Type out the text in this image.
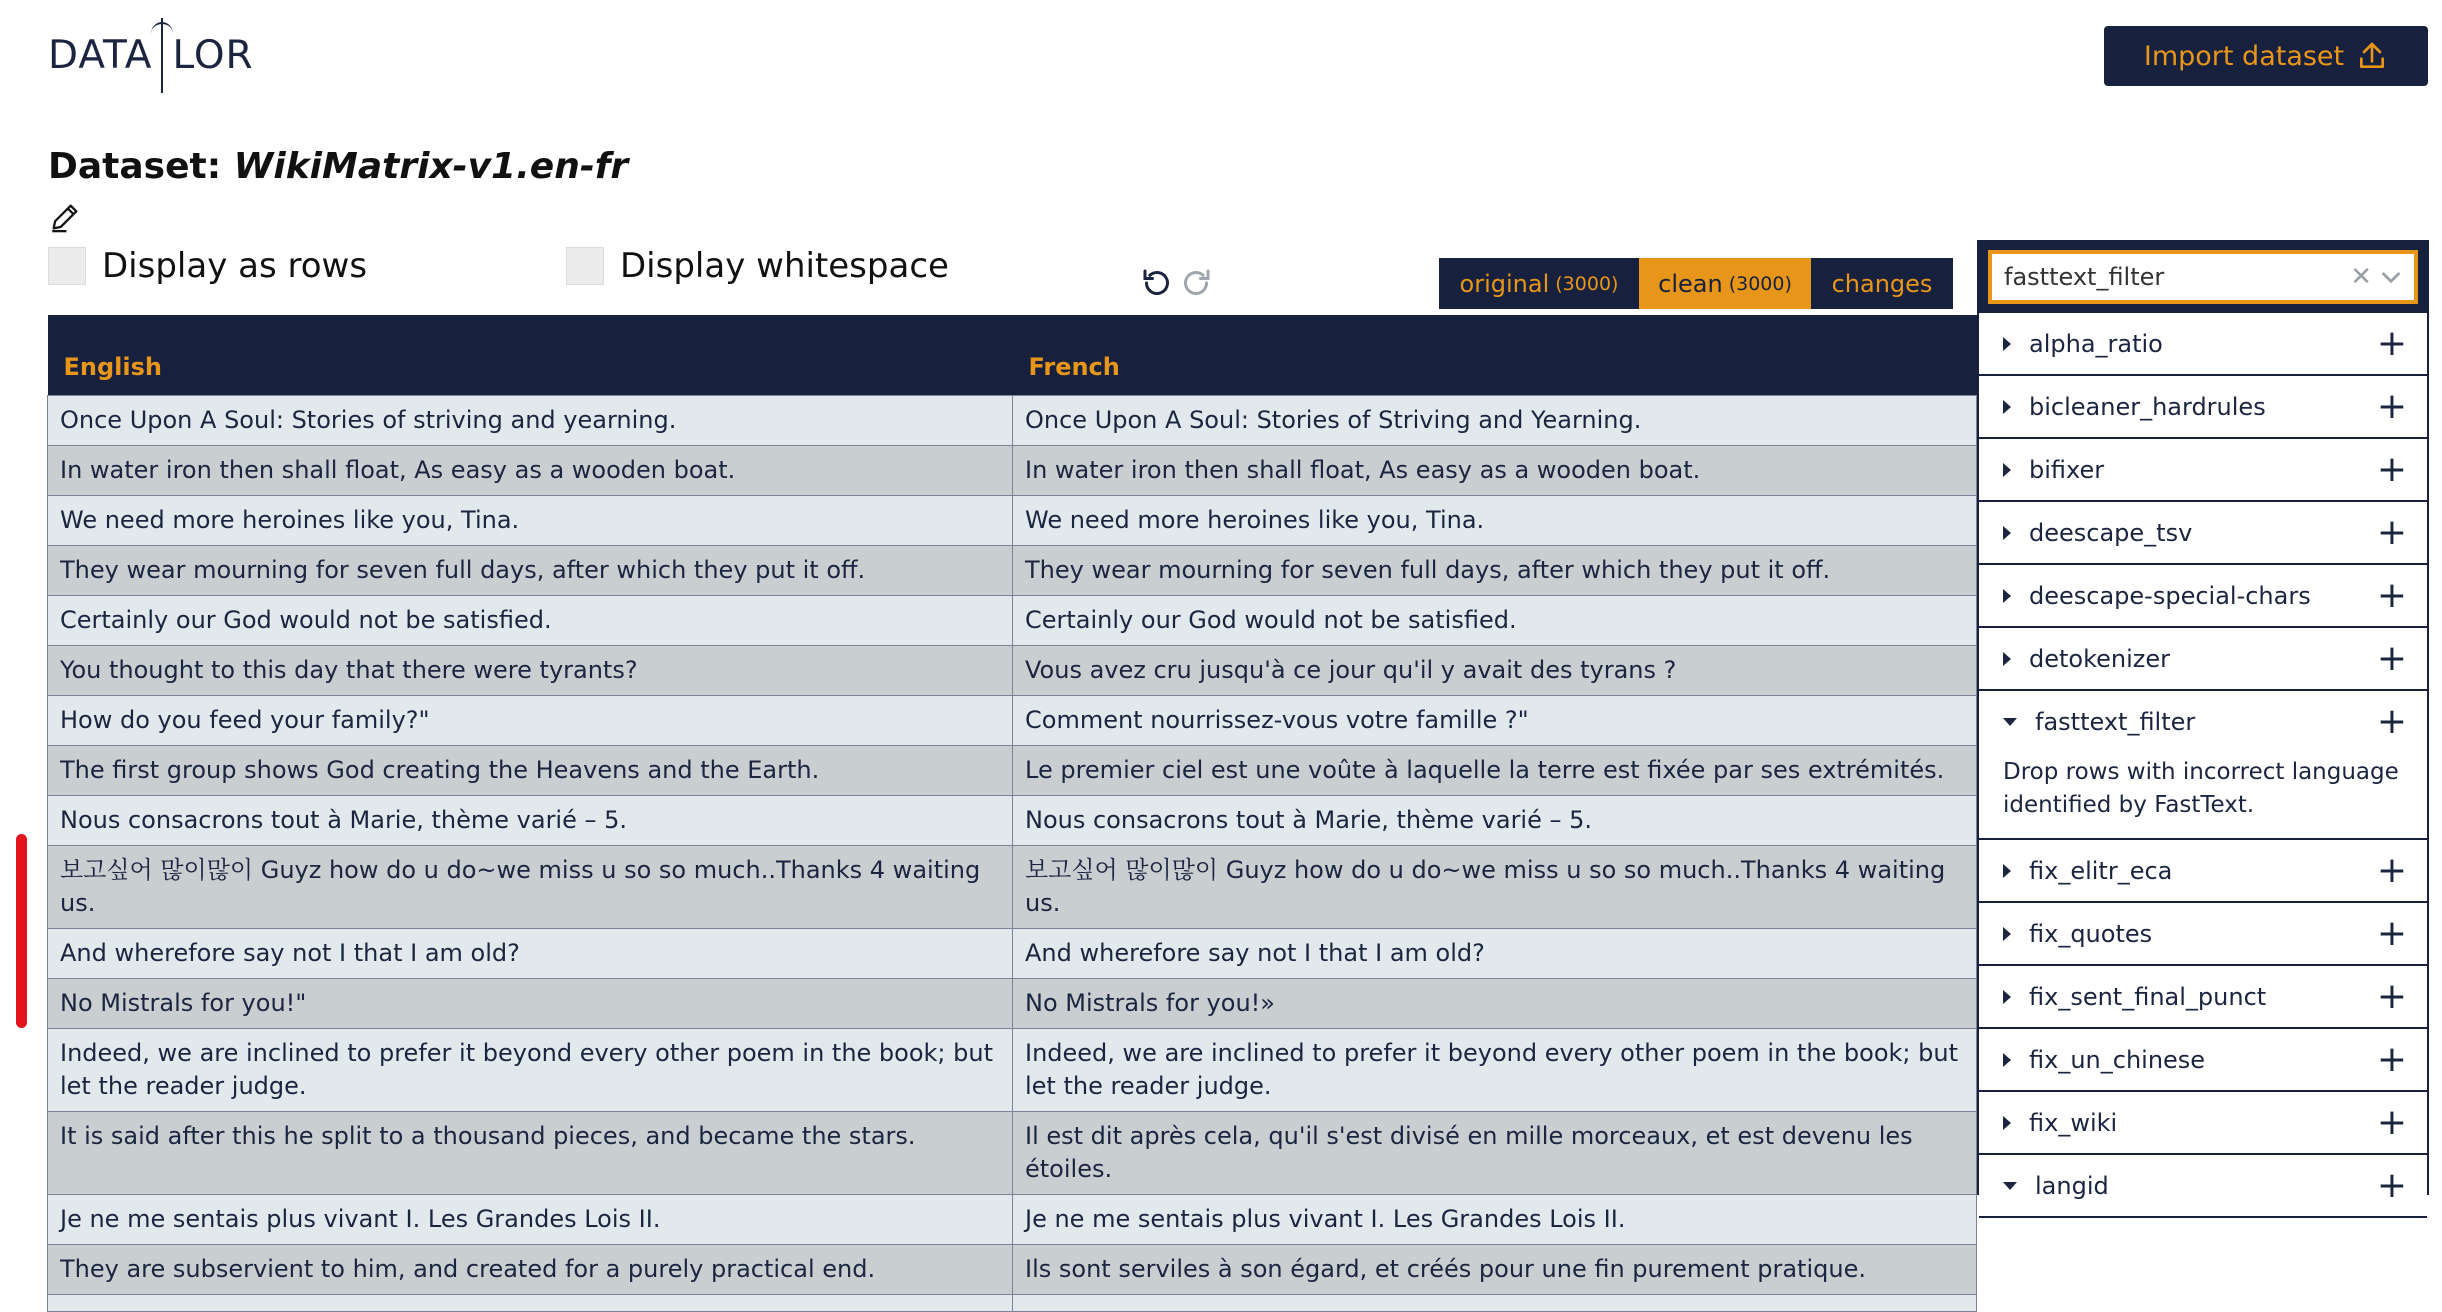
DATA LOR	Import dataset
Dataset: WikiMatrix-v1.en-fr
Display as rows	Display whitespace	original (3000) clean (3000) changes
English	French
Once Upon A Soul: Stories of striving and yearning.	Once Upon A Soul: Stories of Striving and Yearning.
In water iron then shall float, As easy as a wooden boat.	In water iron then shall float, As easy as a wooden boat.
We need more heroines like you, Tina.	We need more heroines like you, Tina.
They wear mourning for seven full days, after which they put it off.	They wear mourning for seven full days, after which they put it off.
Certainly our God would not be satisfied.	Certainly our God would not be satisfied.
You thought to this day that there were tyrants?	Vous avez cru jusqu'à ce jour qu'il y avait des tyrans ?
How do you feed your family?"	Comment nourrissez-vous votre famille ?"
The first group shows God creating the Heavens and the Earth.	Le premier ciel est une voûte à laquelle la terre est fixée par ses extrémités.
Nous consacrons tout à Marie, thème varié – 5.	Nous consacrons tout à Marie, thème varié – 5.
보고싶어 많이많이 Guyz how do u do~we miss u so so much..Thanks 4 waiting us.	보고싶어 많이많이 Guyz how do u do~we miss u so so much..Thanks 4 waiting us.
And wherefore say not I that I am old?	And wherefore say not I that I am old?
No Mistrals for you!"	No Mistrals for you!»
Indeed, we are inclined to prefer it beyond every other poem in the book; but let the reader judge.	Indeed, we are inclined to prefer it beyond every other poem in the book; but let the reader judge.
It is said after this he split to a thousand pieces, and became the stars.	Il est dit après cela, qu'il s'est divisé en mille morceaux, et est devenu les étoiles.
Je ne me sentais plus vivant I. Les Grandes Lois II.	Je ne me sentais plus vivant I. Les Grandes Lois II.
They are subservient to him, and created for a purely practical end.	Ils sont serviles à son égard, et créés pour une fin purement pratique.

fasttext_filter
✕
alpha_ratio	+
bicleaner_hardrules	+
bifixer	+
deescape_tsv	+
deescape-special-chars	+
detokenizer	+
fasttext_filter	+
Drop rows with incorrect language identified by FastText.
fix_elitr_eca	+
fix_quotes	+
fix_sent_final_punct	+
fix_un_chinese	+
fix_wiki	+
langid	+
